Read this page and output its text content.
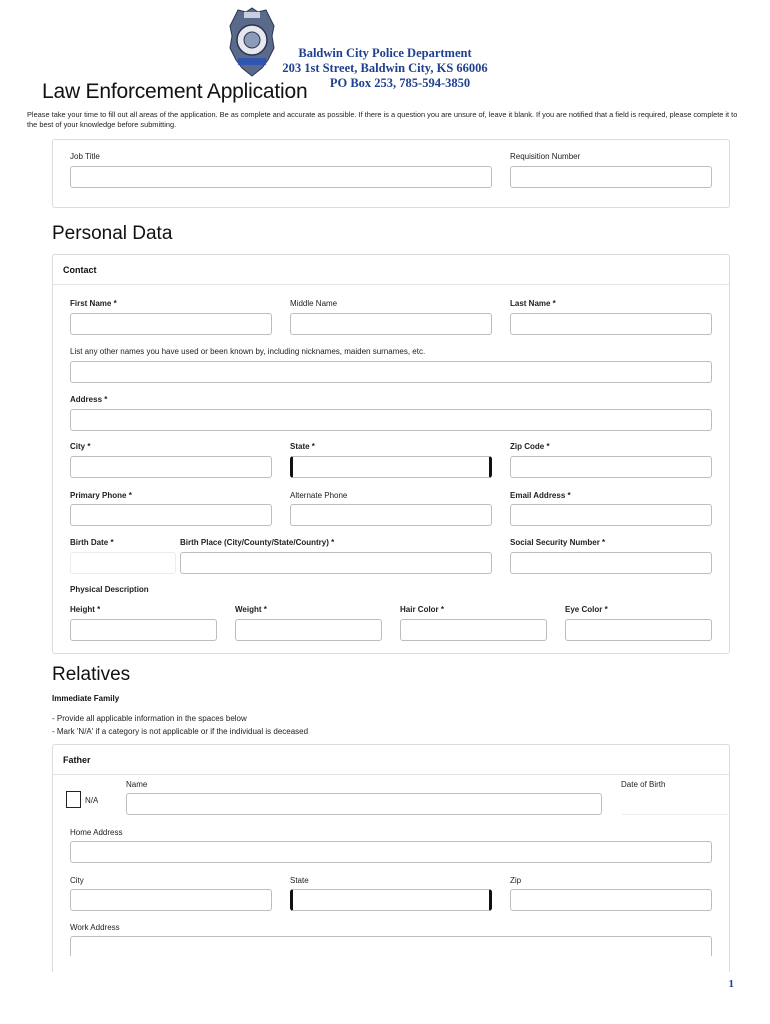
Baldwin City Police Department
203 1st Street, Baldwin City, KS 66006
PO Box 253, 785-594-3850
Law Enforcement Application
Please take your time to fill out all areas of the application. Be as complete and accurate as possible. If there is a question you are unsure of, leave it blank. If you are notified that a field is required, please complete it to the best of your knowledge before submitting.
Job Title	Requisition Number
Personal Data
Contact
First Name *	Middle Name	Last Name *
List any other names you have used or been known by, including nicknames, maiden surnames, etc.
Address *
City *	State *	Zip Code *
Primary Phone *	Alternate Phone	Email Address *
Birth Date *	Birth Place (City/County/State/Country) *	Social Security Number *
Physical Description
Height *	Weight *	Hair Color *	Eye Color *
Relatives
Immediate Family
- Provide all applicable information in the spaces below
- Mark 'N/A' if a category is not applicable or if the individual is deceased
Father
N/A
Name	Date of Birth
Home Address
City	State	Zip
Work Address
1
